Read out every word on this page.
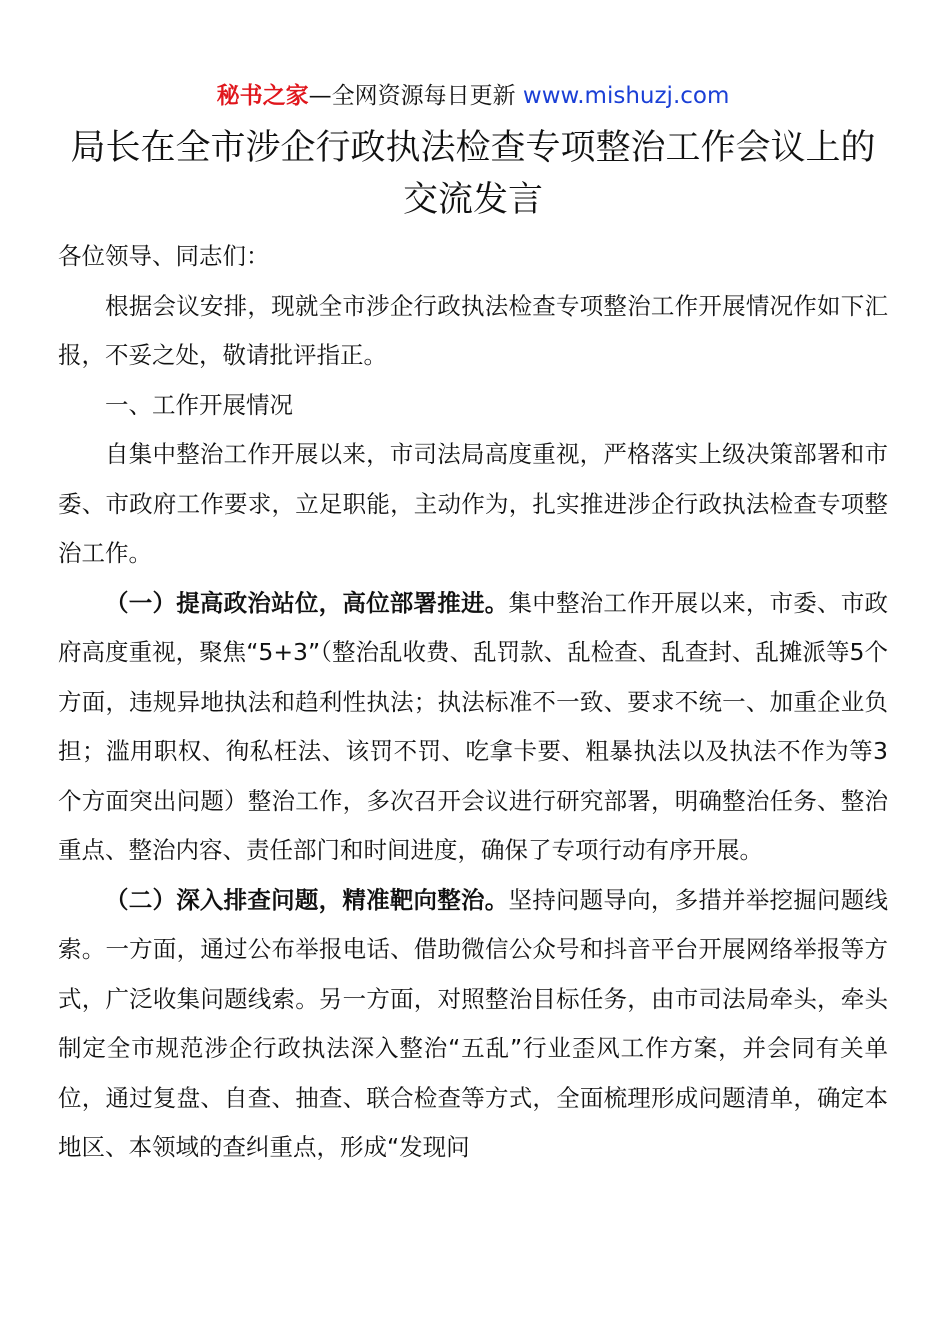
秘书之家—全网资源每日更新 www.mishuzj.com
局长在全市涉企行政执法检查专项整治工作会议上的
交流发言

各位领导、同志们：

根据会议安排，现就全市涉企行政执法检查专项整治工作开展情况作如下汇报，不妥之处，敬请批评指正。

一、工作开展情况

自集中整治工作开展以来，市司法局高度重视，严格落实上级决策部署和市委、市政府工作要求，立足职能，主动作为，扎实推进涉企行政执法检查专项整治工作。

（一）提高政治站位，高位部署推进。集中整治工作开展以来，市委、市政府高度重视，聚焦“5+3”（整治乱收费、乱罚款、乱检查、乱查封、乱摊派等5个方面，违规异地执法和趋利性执法；执法标准不一致、要求不统一、加重企业负担；滥用职权、徇私枉法、该罚不罚、吃拿卡要、粗暴执法以及执法不作为等3个方面突出问题）整治工作，多次召开会议进行研究部署，明确整治任务、整治重点、整治内容、责任部门和时间进度，确保了专项行动有序开展。

（二）深入排查问题，精准靶向整治。坚持问题导向，多措并举挖掘问题线索。一方面，通过公布举报电话、借助微信公众号和抖音平台开展网络举报等方式，广泛收集问题线索。另一方面，对照整治目标任务，由市司法局牵头，牵头制定全市规范涉企行政执法深入整治“五乱”行业歪风工作方案，并会同有关单位，通过复盘、自查、抽查、联合检查等方式，全面梳理形成问题清单，确定本地区、本领域的查纠重点，形成“发现问
